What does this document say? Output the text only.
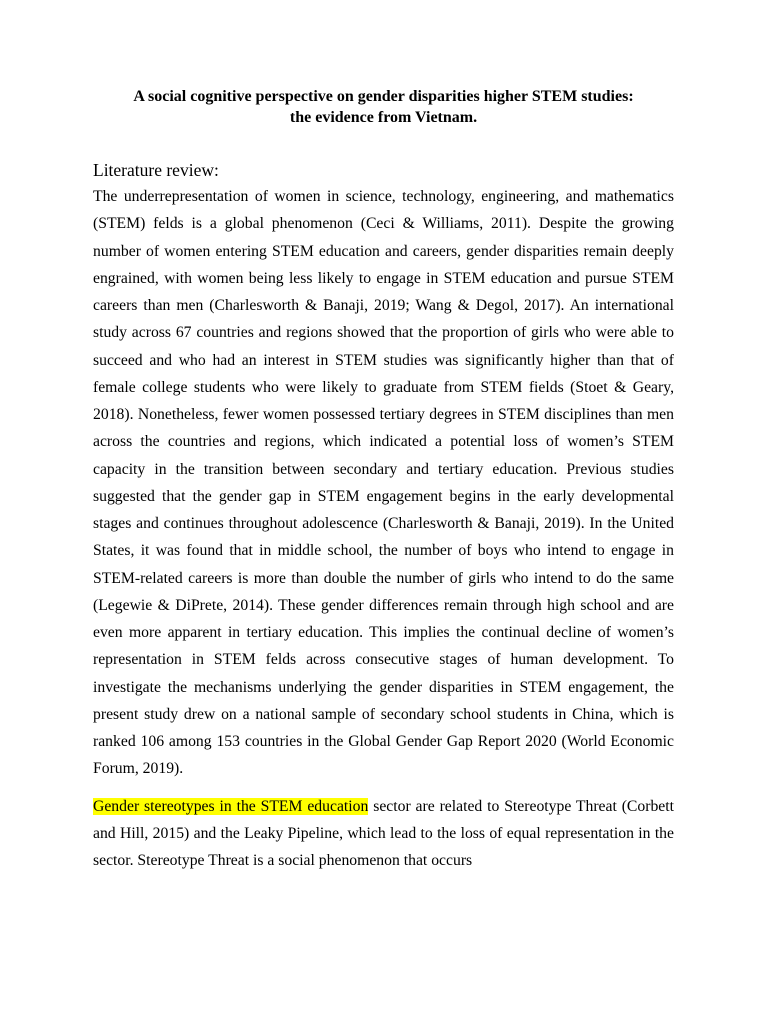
A social cognitive perspective on gender disparities higher STEM studies:
the evidence from Vietnam.

Literature review:

The underrepresentation of women in science, technology, engineering, and mathematics (STEM) felds is a global phenomenon (Ceci & Williams, 2011). Despite the growing number of women entering STEM education and careers, gender disparities remain deeply engrained, with women being less likely to engage in STEM education and pursue STEM careers than men (Charlesworth & Banaji, 2019; Wang & Degol, 2017). An international study across 67 countries and regions showed that the proportion of girls who were able to succeed and who had an interest in STEM studies was significantly higher than that of female college students who were likely to graduate from STEM fields (Stoet & Geary, 2018). Nonetheless, fewer women possessed tertiary degrees in STEM disciplines than men across the countries and regions, which indicated a potential loss of women’s STEM capacity in the transition between secondary and tertiary education. Previous studies suggested that the gender gap in STEM engagement begins in the early developmental stages and continues throughout adolescence (Charlesworth & Banaji, 2019). In the United States, it was found that in middle school, the number of boys who intend to engage in STEM-related careers is more than double the number of girls who intend to do the same (Legewie & DiPrete, 2014). These gender differences remain through high school and are even more apparent in tertiary education. This implies the continual decline of women’s representation in STEM felds across consecutive stages of human development. To investigate the mechanisms underlying the gender disparities in STEM engagement, the present study drew on a national sample of secondary school students in China, which is ranked 106 among 153 countries in the Global Gender Gap Report 2020 (World Economic Forum, 2019).

Gender stereotypes in the STEM education sector are related to Stereotype Threat (Corbett and Hill, 2015) and the Leaky Pipeline, which lead to the loss of equal representation in the sector. Stereotype Threat is a social phenomenon that occurs
